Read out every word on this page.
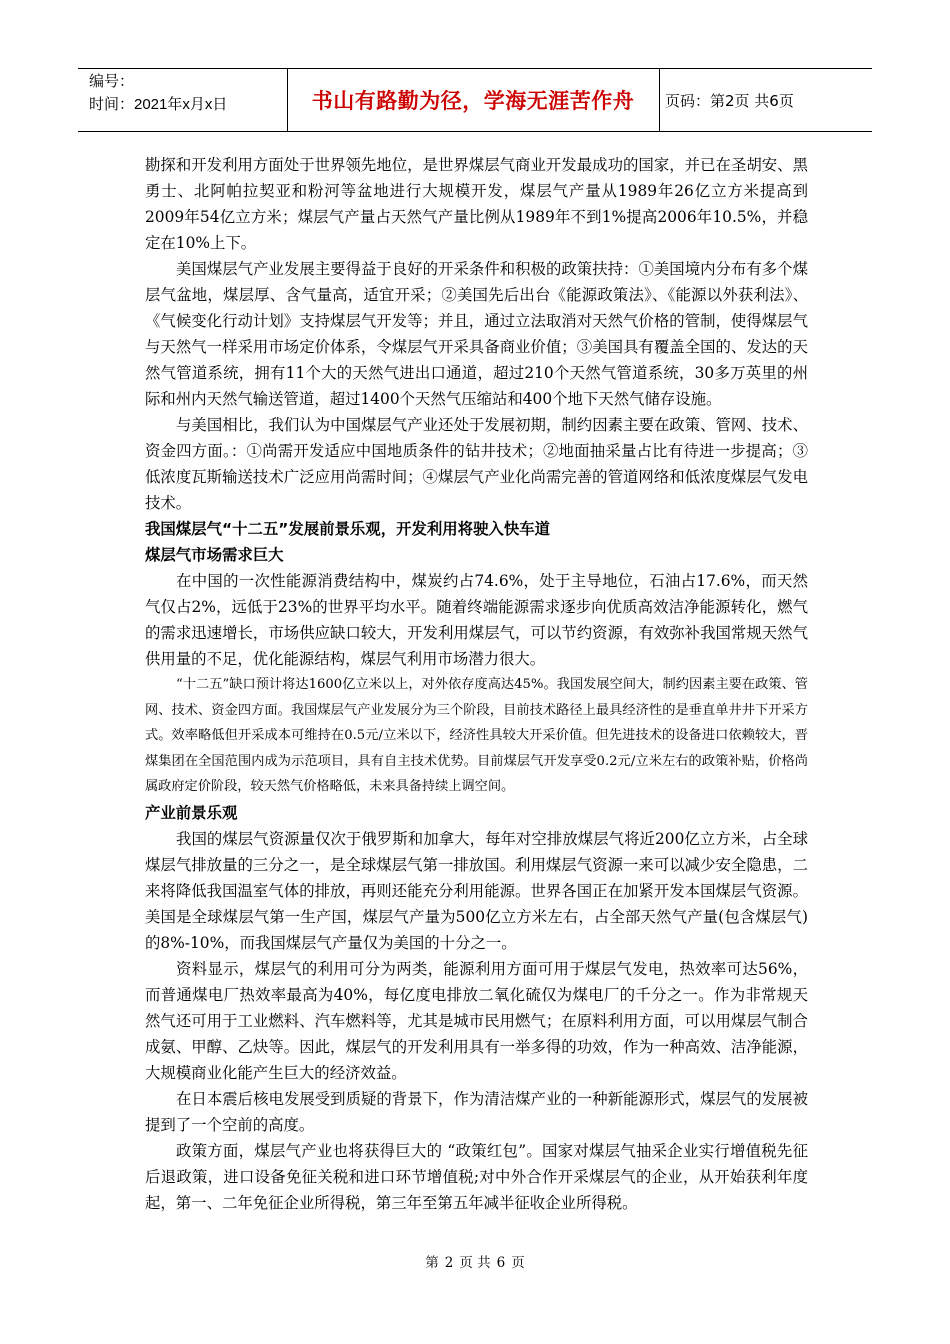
编号：
时间：2021年x月x日	书山有路勤为径，学海无涯苦作舟	页码：第2页 共6页

勘探和开发利用方面处于世界领先地位，是世界煤层气商业开发最成功的国家，并已在圣胡安、黑勇士、北阿帕拉契亚和粉河等盆地进行大规模开发，煤层气产量从1989年26亿立方米提高到2009年54亿立方米；煤层气产量占天然气产量比例从1989年不到1%提高2006年10.5%，并稳定在10%上下。

美国煤层气产业发展主要得益于良好的开采条件和积极的政策扶持：①美国境内分布有多个煤层气盆地，煤层厚、含气量高，适宜开采；②美国先后出台《能源政策法》、《能源以外获利法》、《气候变化行动计划》支持煤层气开发等；并且，通过立法取消对天然气价格的管制，使得煤层气与天然气一样采用市场定价体系，令煤层气开采具备商业价值；③美国具有覆盖全国的、发达的天然气管道系统，拥有11个大的天然气进出口通道，超过210个天然气管道系统，30多万英里的州际和州内天然气输送管道，超过1400个天然气压缩站和400个地下天然气储存设施。

与美国相比，我们认为中国煤层气产业还处于发展初期，制约因素主要在政策、管网、技术、资金四方面。：①尚需开发适应中国地质条件的钻井技术；②地面抽采量占比有待进一步提高；③低浓度瓦斯输送技术广泛应用尚需时间；④煤层气产业化尚需完善的管道网络和低浓度煤层气发电技术。

我国煤层气“十二五”发展前景乐观，开发利用将驶入快车道
煤层气市场需求巨大

在中国的一次性能源消费结构中，煤炭约占74.6%，处于主导地位，石油占17.6%，而天然气仅占2%，远低于23%的世界平均水平。随着终端能源需求逐步向优质高效洁净能源转化，燃气的需求迅速增长，市场供应缺口较大，开发利用煤层气，可以节约资源，有效弥补我国常规天然气供用量的不足，优化能源结构，煤层气利用市场潜力很大。

“十二五”缺口预计将达1600亿立米以上，对外依存度高达45%。我国发展空间大，制约因素主要在政策、管网、技术、资金四方面。我国煤层气产业发展分为三个阶段，目前技术路径上最具经济性的是垂直单井井下开采方式。效率略低但开采成本可维持在0.5元/立米以下，经济性具较大开采价值。但先进技术的设备进口依赖较大，晋煤集团在全国范围内成为示范项目，具有自主技术优势。目前煤层气开发享受0.2元/立米左右的政策补贴，价格尚属政府定价阶段，较天然气价格略低，未来具备持续上调空间。

产业前景乐观

我国的煤层气资源量仅次于俄罗斯和加拿大，每年对空排放煤层气将近200亿立方米，占全球煤层气排放量的三分之一，是全球煤层气第一排放国。利用煤层气资源一来可以减少安全隐患，二来将降低我国温室气体的排放，再则还能充分利用能源。世界各国正在加紧开发本国煤层气资源。美国是全球煤层气第一生产国，煤层气产量为500亿立方米左右，占全部天然气产量(包含煤层气)的8%-10%，而我国煤层气产量仅为美国的十分之一。

资料显示，煤层气的利用可分为两类，能源利用方面可用于煤层气发电，热效率可达56%，而普通煤电厂热效率最高为40%，每亿度电排放二氧化硫仅为煤电厂的千分之一。作为非常规天然气还可用于工业燃料、汽车燃料等，尤其是城市民用燃气；在原料利用方面，可以用煤层气制合成氨、甲醇、乙炔等。因此，煤层气的开发利用具有一举多得的功效，作为一种高效、洁净能源，大规模商业化能产生巨大的经济效益。

在日本震后核电发展受到质疑的背景下，作为清洁煤产业的一种新能源形式，煤层气的发展被提到了一个空前的高度。

政策方面，煤层气产业也将获得巨大的 “政策红包”。国家对煤层气抽采企业实行增值税先征后退政策，进口设备免征关税和进口环节增值税;对中外合作开采煤层气的企业，从开始获利年度起，第一、二年免征企业所得税，第三年至第五年减半征收企业所得税。

第 2 页 共 6 页
